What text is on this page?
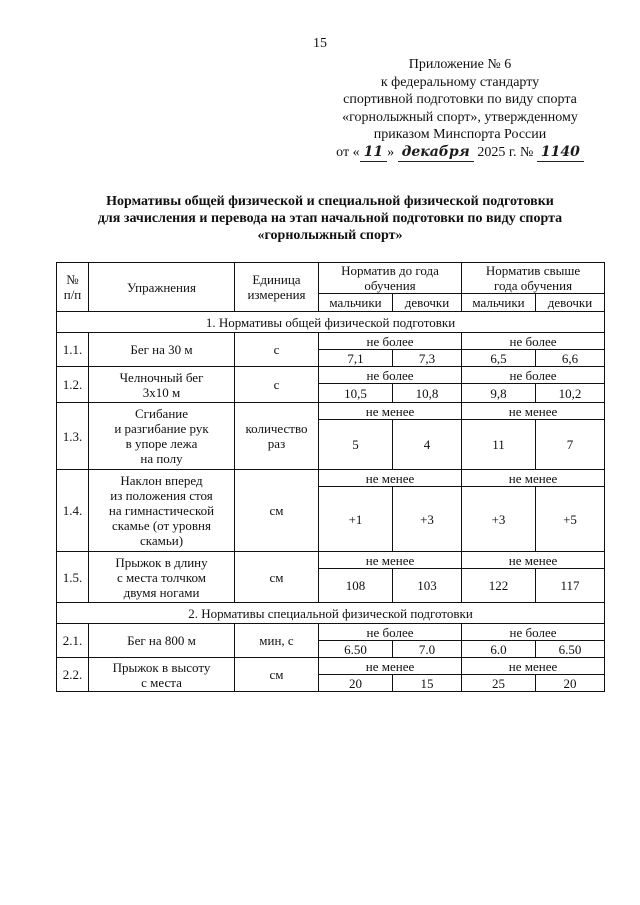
15
Приложение № 6
к федеральному стандарту
спортивной подготовки по виду спорта
«горнолыжный спорт», утвержденному
приказом Минспорта России
от « 11 » декабря 2025 г. № 1140
Нормативы общей физической и специальной физической подготовки
для зачисления и перевода на этап начальной подготовки по виду спорта
«горнолыжный спорт»
№
п/п	Упражнения	Единица
измерения	Норматив до года
обучения		Норматив свыше
года обучения	
			мальчики	девочки	мальчики	девочки
1. Нормативы общей физической подготовки						
1.1.	Бег на 30 м	с	не более		не более	
			7,1	7,3	6,5	6,6
1.2.	Челночный бег
3х10 м	с	не более		не более	
			10,5	10,8	9,8	10,2
1.3.	Сгибание
и разгибание рук
в упоре лежа
на полу	количество
раз	не менее		не менее	
			5	4	11	7
1.4.	Наклон вперед
из положения стоя
на гимнастической
скамье (от уровня
скамьи)	см	не менее		не менее	
			+1	+3	+3	+5
1.5.	Прыжок в длину
с места толчком
двумя ногами	см	не менее		не менее	
			108	103	122	117
2. Нормативы специальной физической подготовки						
2.1.	Бег на 800 м	мин, с	не более		не более	
			6.50	7.0	6.0	6.50
2.2.	Прыжок в высоту
с места	см	не менее		не менее	
			20	15	25	20
